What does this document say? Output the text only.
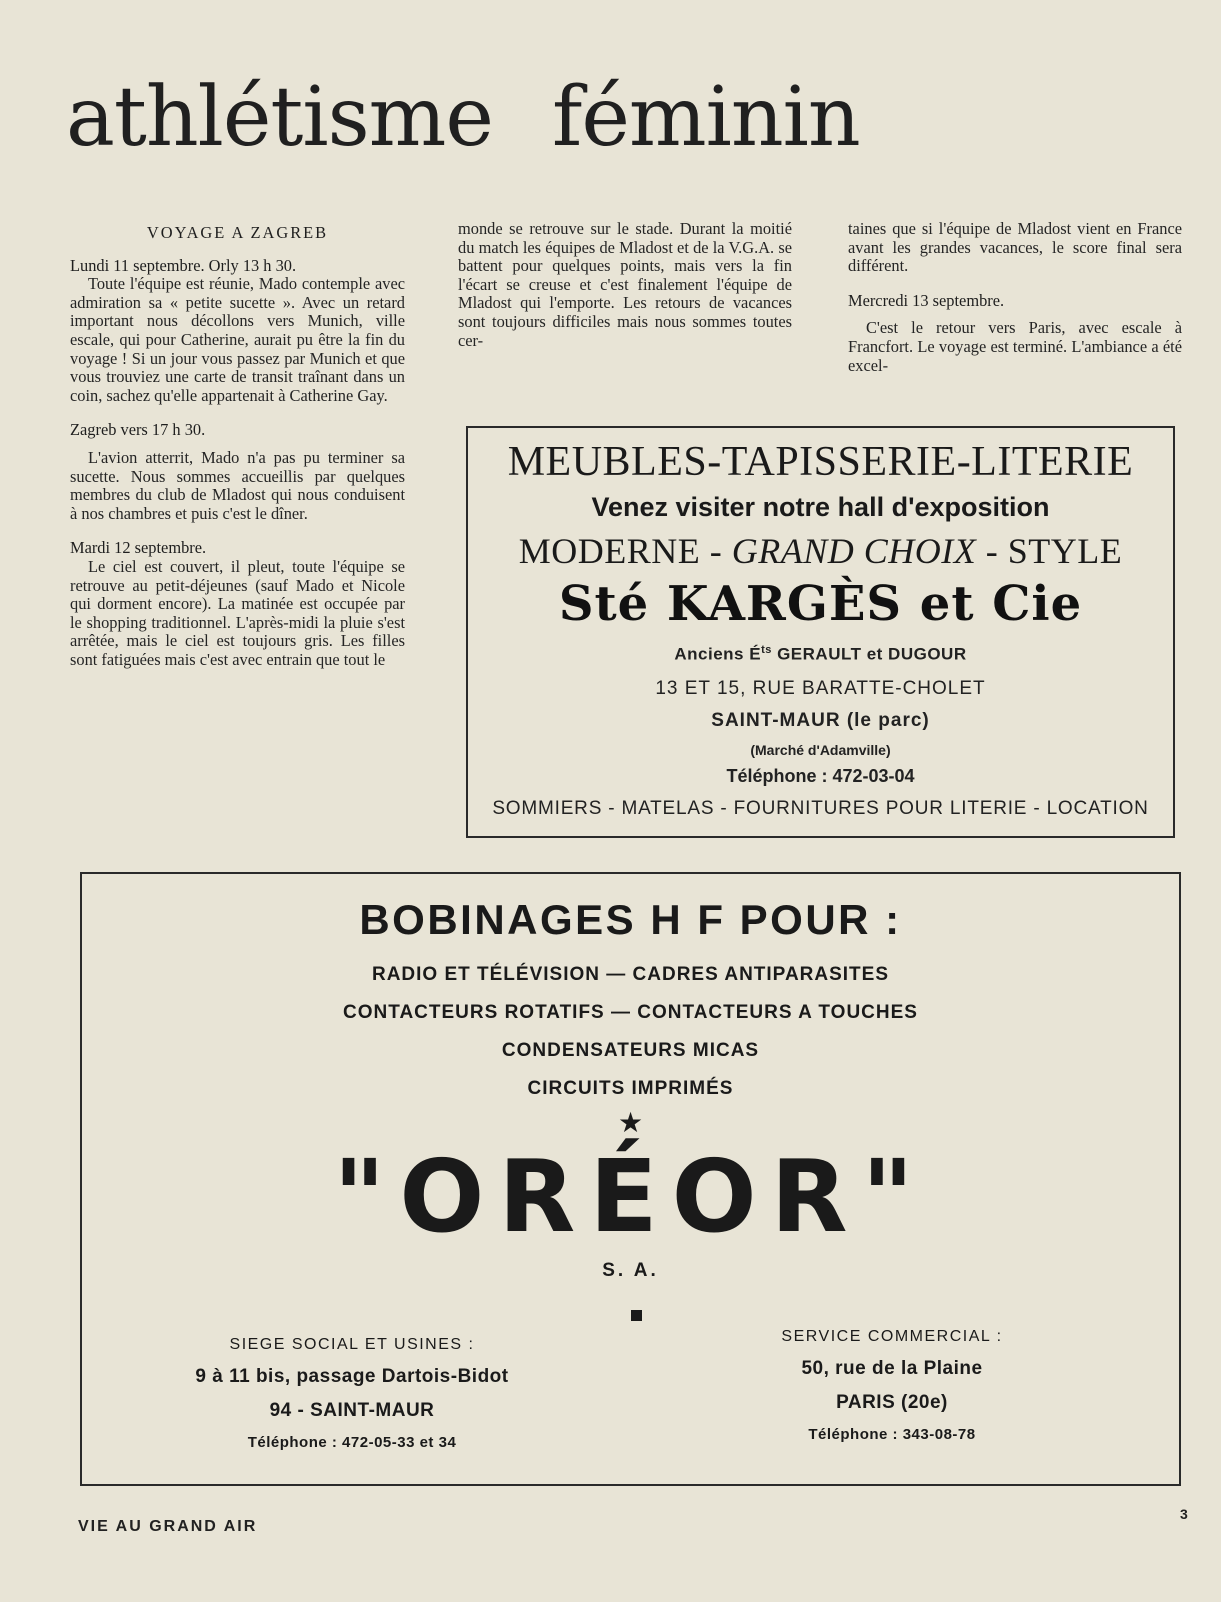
athlétisme féminin
VOYAGE A ZAGREB
Lundi 11 septembre. Orly 13 h 30.

Toute l'équipe est réunie, Mado contemple avec admiration sa « petite sucette ». Avec un retard important nous décollons vers Munich, ville escale, qui pour Catherine, aurait pu être la fin du voyage ! Si un jour vous passez par Munich et que vous trouviez une carte de transit traînant dans un coin, sachez qu'elle appartenait à Catherine Gay.

Zagreb vers 17 h 30.

L'avion atterrit, Mado n'a pas pu terminer sa sucette. Nous sommes accueillis par quelques membres du club de Mladost qui nous conduisent à nos chambres et puis c'est le dîner.

Mardi 12 septembre.

Le ciel est couvert, il pleut, toute l'équipe se retrouve au petit-déjeunes (sauf Mado et Nicole qui dorment encore). La matinée est occupée par le shopping traditionnel. L'après-midi la pluie s'est arrêtée, mais le ciel est toujours gris. Les filles sont fatiguées mais c'est avec entrain que tout le

monde se retrouve sur le stade. Durant la moitié du match les équipes de Mladost et de la V.G.A. se battent pour quelques points, mais vers la fin l'écart se creuse et c'est finalement l'équipe de Mladost qui l'emporte. Les retours de vacances sont toujours difficiles mais nous sommes toutes cer-

taines que si l'équipe de Mladost vient en France avant les grandes vacances, le score final sera différent.

Mercredi 13 septembre.

C'est le retour vers Paris, avec escale à Francfort. Le voyage est terminé. L'ambiance a été excel-

MEUBLES-TAPISSERIE-LITERIE
Venez visiter notre hall d'exposition
MODERNE - GRAND CHOIX - STYLE
Sté KARGÈS et Cie
Anciens $É^{ts}$ GERAULT et DUGOUR
13 ET 15, RUE BARATTE-CHOLET
SAINT-MAUR (le parc)
(Marché d'Adamville)
Téléphone : 472-03-04
SOMMIERS - MATELAS - FOURNITURES POUR LITERIE - LOCATION
BOBINAGES H F POUR :
RADIO ET TÉLÉVISION — CADRES ANTIPARASITES
CONTACTEURS ROTATIFS — CONTACTEURS A TOUCHES
CONDENSATEURS MICAS
CIRCUITS IMPRIMÉS
★
"ORÉOR"
S. A.
SIEGE SOCIAL ET USINES :
9 à 11 bis, passage Dartois-Bidot
94 - SAINT-MAUR
Téléphone : 472-05-33 et 34
SERVICE COMMERCIAL :
50, rue de la Plaine
PARIS (20e)
Téléphone : 343-08-78
VIE AU GRAND AIR
3
